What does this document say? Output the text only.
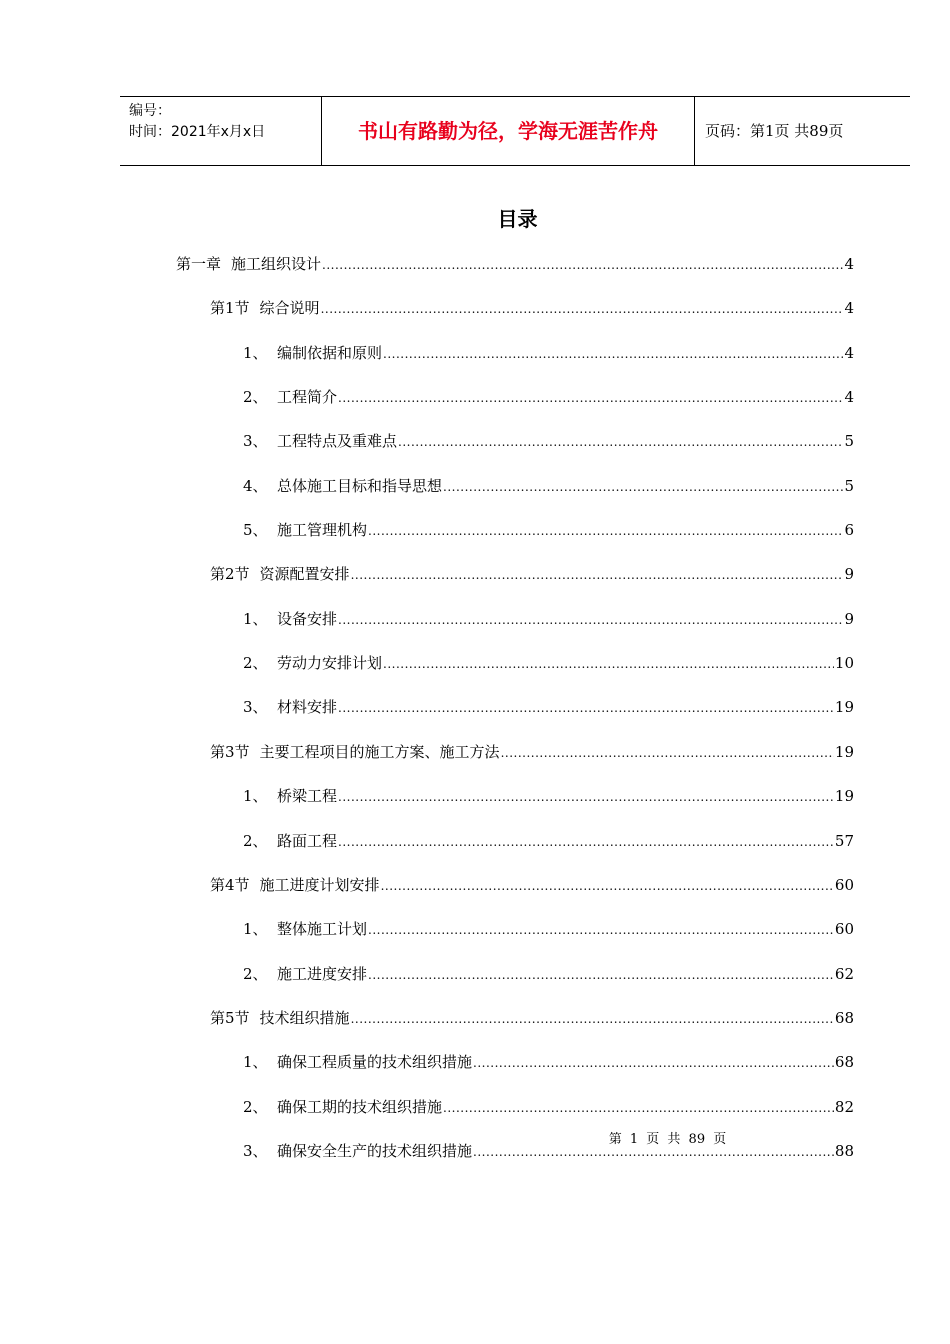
编号：
时间：2021年x月x日	书山有路勤为径，学海无涯苦作舟	页码：第1页 共89页
目录
第一章 施工组织设计 .....	4
第1节 综合说明 .....	4
1、 编制依据和原则 .....	4
2、 工程简介 .....	4
3、 工程特点及重难点 .....	5
4、 总体施工目标和指导思想 .....	5
5、 施工管理机构 .....	6
第2节 资源配置安排 .....	9
1、 设备安排 .....	9
2、 劳动力安排计划 .....	10
3、 材料安排 .....	19
第3节 主要工程项目的施工方案、施工方法 .....	19
1、 桥梁工程 .....	19
2、 路面工程 .....	57
第4节 施工进度计划安排 .....	60
1、 整体施工计划 .....	60
2、 施工进度安排 .....	62
第5节 技术组织措施 .....	68
1、 确保工程质量的技术组织措施 .....	68
2、 确保工期的技术组织措施 .....	82
3、 确保安全生产的技术组织措施 .....	88
第 1 页 共 89 页
